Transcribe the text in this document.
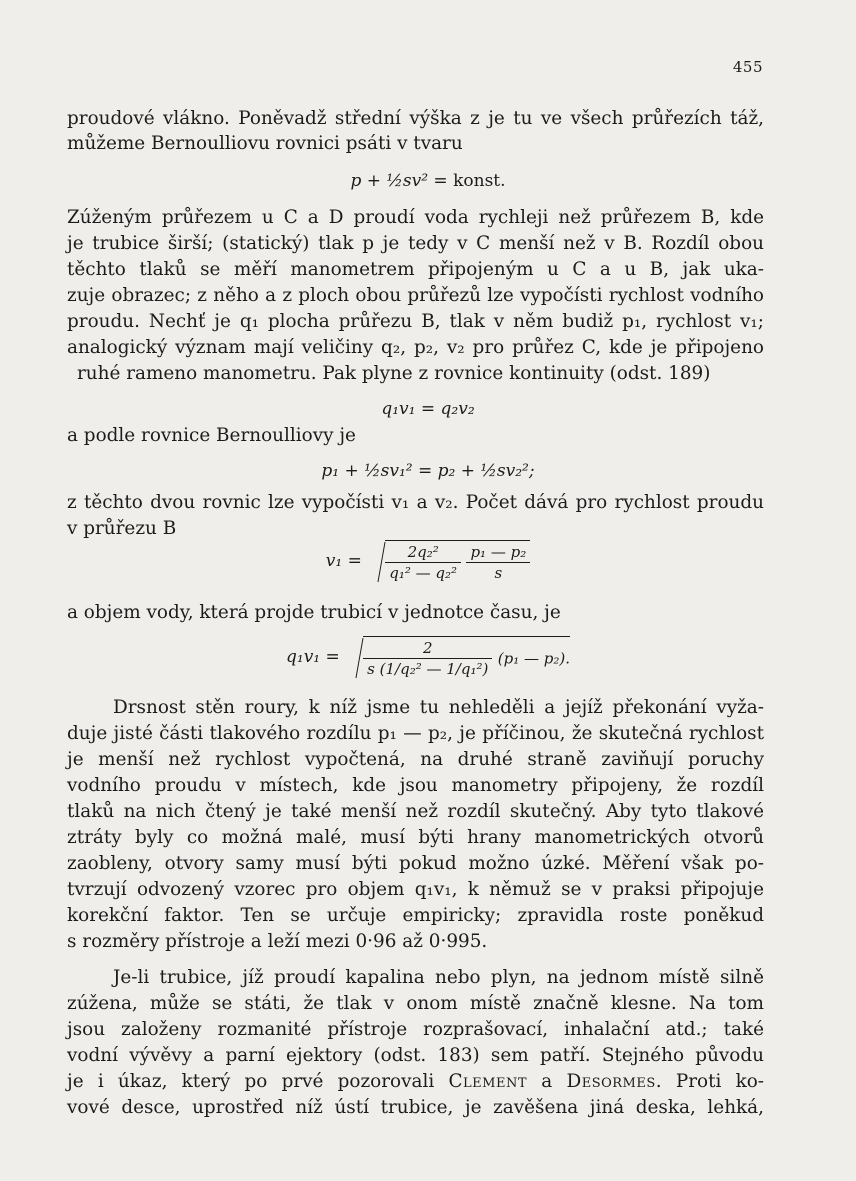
455
proudové vlákno. Poněvadž střední výška z je tu ve všech průřezích táž,
můžeme Bernoulliovu rovnici psáti v tvaru
p + ½sv² = konst.
Zúženým průřezem u C a D proudí voda rychleji než průřezem B, kde
je trubice širší; (statický) tlak p je tedy v C menší než v B. Rozdíl obou
těchto tlaků se měří manometrem připojeným u C a u B, jak uka-
zuje obrazec; z něho a z ploch obou průřezů lze vypočísti rychlost vodního
proudu. Nechť je q₁ plocha průřezu B, tlak v něm budiž p₁, rychlost v₁;
analogický význam mají veličiny q₂, p₂, v₂ pro průřez C, kde je připojeno
ruhé rameno manometru. Pak plyne z rovnice kontinuity (odst. 189)
q₁v₁ = q₂v₂
a podle rovnice Bernoulliovy je
p₁ + ½sv₁² = p₂ + ½sv₂²;
z těchto dvou rovnic lze vypočísti v₁ a v₂. Počet dává pro rychlost proudu
v průřezu B
$v_1 = \frac{\text{2q₂²}}{\text{q₁² — q₂²}}$
$\frac{\text{p₁ — p₂}}{s}$
a objem vody, která projde trubicí v jednotce času, je
$q_1v_1 = \frac{2}{\text{s (1/q₂² — 1/q₁²)}} (p_1$ — p₂).
Drsnost stěn roury, k níž jsme tu nehleděli a jejíž překonání vyža-
duje jisté části tlakového rozdílu p₁ — p₂, je příčinou, že skutečná rychlost
je menší než rychlost vypočtená, na druhé straně zaviňují poruchy
vodního proudu v místech, kde jsou manometry připojeny, že rozdíl
tlaků na nich čtený je také menší než rozdíl skutečný. Aby tyto tlakové
ztráty byly co možná malé, musí býti hrany manometrických otvorů
zaobleny, otvory samy musí býti pokud možno úzké. Měření však po-
tvrzují odvozený vzorec pro objem q₁v₁, k němuž se v praksi připojuje
korekční faktor. Ten se určuje empiricky; zpravidla roste poněkud
s rozměry přístroje a leží mezi 0·96 až 0·995.
Je-li trubice, jíž proudí kapalina nebo plyn, na jednom místě silně
zúžena, může se státi, že tlak v onom místě značně klesne. Na tom
jsou založeny rozmanité přístroje rozprašovací, inhalační atd.; také
vodní vývěvy a parní ejektory (odst. 183) sem patří. Stejného původu
je i úkaz, který po prvé pozorovali Clement a Desormes. Proti ko-
vové desce, uprostřed níž ústí trubice, je zavěšena jiná deska, lehká,
